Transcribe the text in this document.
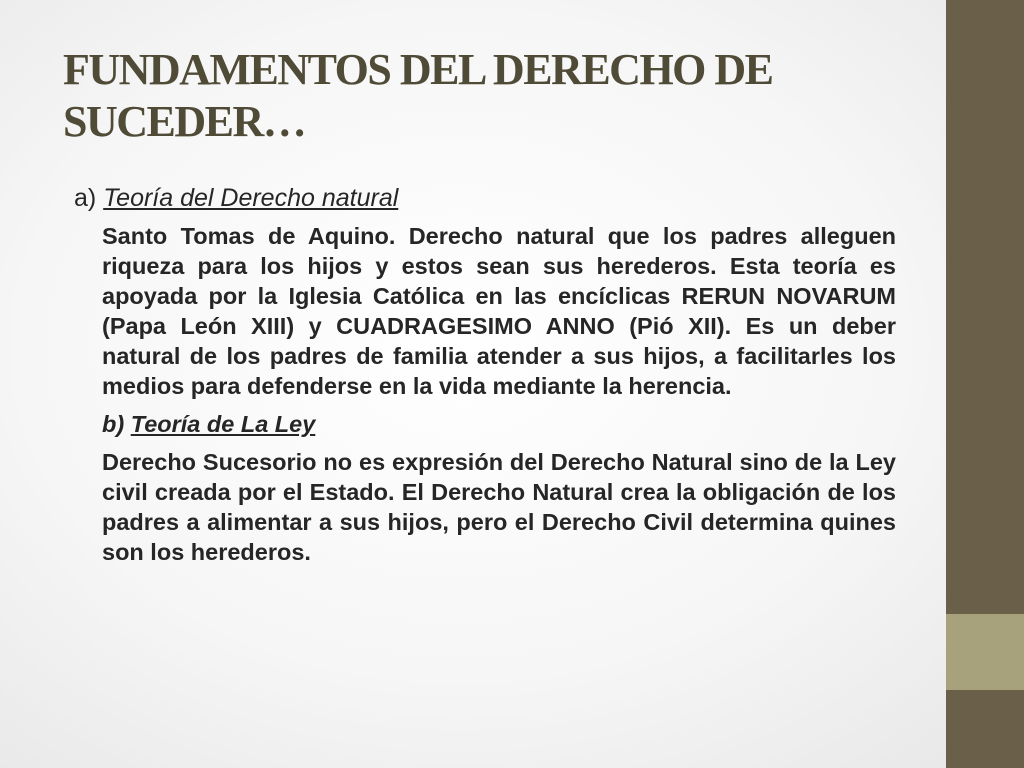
FUNDAMENTOS DEL DERECHO DE SUCEDER…

a) Teoría del Derecho natural

Santo Tomas de Aquino. Derecho natural que los padres alleguen riqueza para los hijos y estos sean sus herederos. Esta teoría es apoyada por la Iglesia Católica en las encíclicas RERUN NOVARUM (Papa León XIII) y CUADRAGESIMO ANNO (Pió XII). Es un deber natural de los padres de familia atender a sus hijos, a facilitarles los medios para defenderse en la vida mediante la herencia.

b) Teoría de La Ley

Derecho Sucesorio no es expresión del Derecho Natural sino de la Ley civil creada por el Estado. El Derecho Natural crea la obligación de los padres a alimentar a sus hijos, pero el Derecho Civil determina quines son los herederos.
